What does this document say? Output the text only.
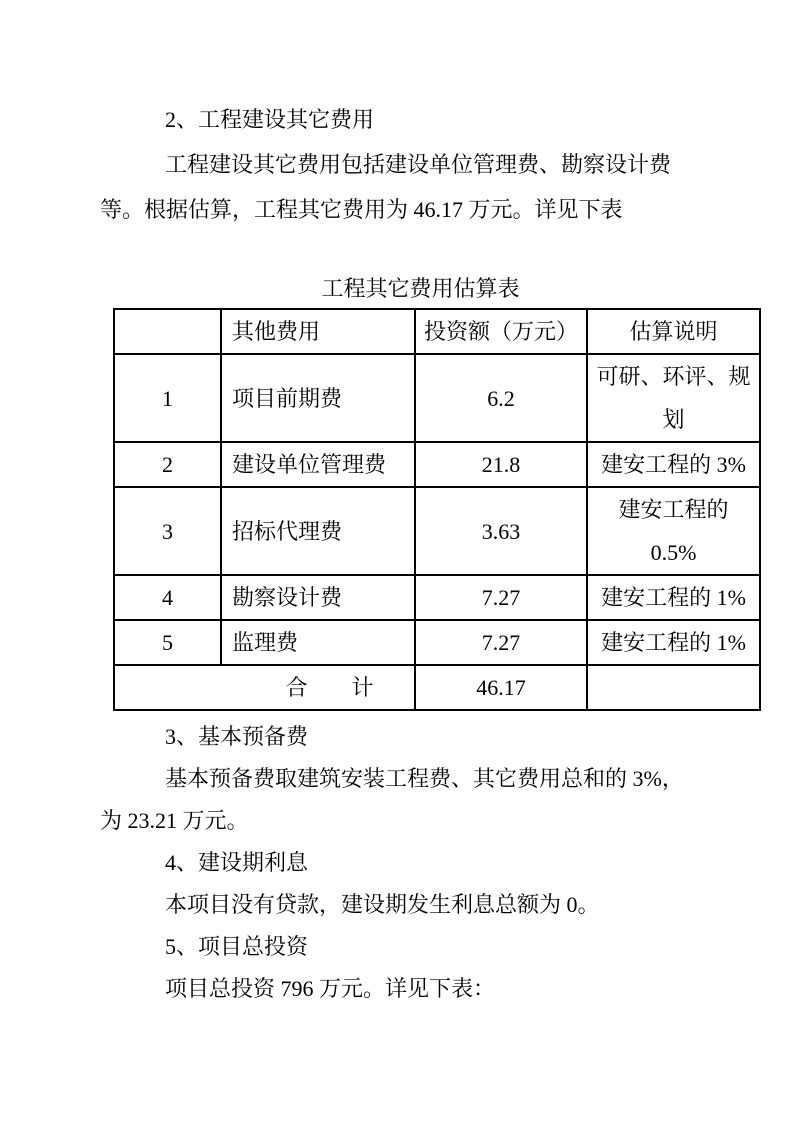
2、工程建设其它费用
工程建设其它费用包括建设单位管理费、勘察设计费
等。根据估算，工程其它费用为 46.17 万元。详见下表
工程其它费用估算表
	其他费用	投资额（万元）	估算说明
1	项目前期费	6.2	可研、环评、规
划

2	建设单位管理费	21.8	建安工程的 3%

3	招标代理费	3.63	建安工程的
0.5%

4	勘察设计费	7.27	建安工程的 1%

5	监理费	7.27	建安工程的 1%

合　　计		46.17	
3、基本预备费
基本预备费取建筑安装工程费、其它费用总和的 3%，
为 23.21 万元。
4、建设期利息
本项目没有贷款，建设期发生利息总额为 0。
5、项目总投资
项目总投资 796 万元。详见下表：
